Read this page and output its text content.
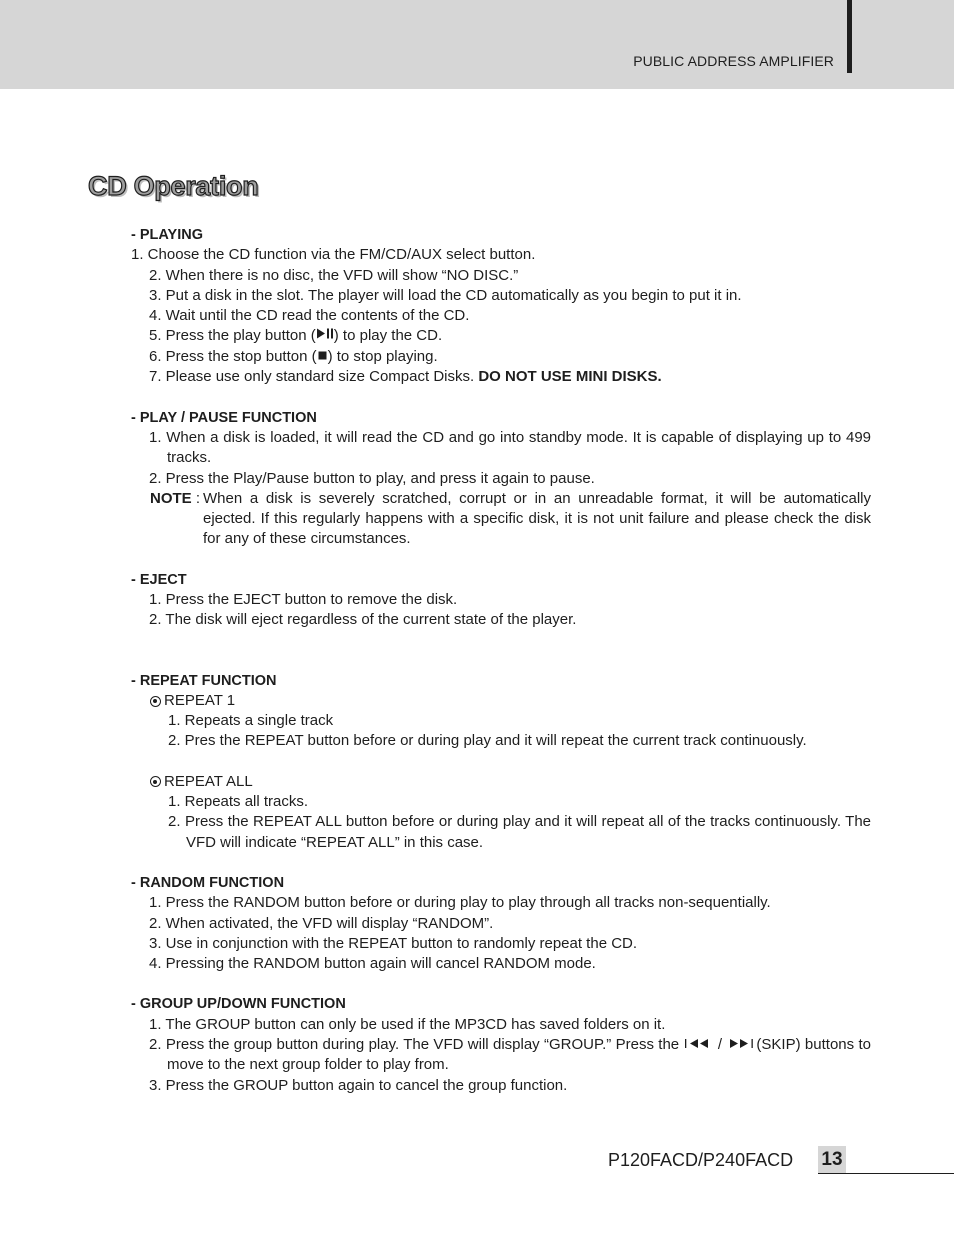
PUBLIC ADDRESS AMPLIFIER
CD Operation
- PLAYING
1. Choose the CD function via the FM/CD/AUX select button.
2. When there is no disc, the VFD will show “NO DISC.”
3. Put a disk in the slot. The player will load the CD automatically as you begin to put it in.
4. Wait until the CD read the contents of the CD.
5. Press the play button ( ) to play the CD.
6. Press the stop button ( ) to stop playing.
7. Please use only standard size Compact Disks. DO NOT USE MINI DISKS.
- PLAY / PAUSE FUNCTION
1. When a disk is loaded, it will read the CD and go into standby mode. It is capable of displaying up to 499 tracks.
2. Press the Play/Pause button to play, and press it again to pause.
NOTE : When a disk is severely scratched, corrupt or in an unreadable format, it will be automatically ejected. If this regularly happens with a specific disk, it is not unit failure and please check the disk for any of these circumstances.
- EJECT
1. Press the EJECT button to remove the disk.
2. The disk will eject regardless of the current state of the player.
- REPEAT FUNCTION
REPEAT 1
1. Repeats a single track
2. Pres the REPEAT button before or during play and it will repeat the current track continuously.
REPEAT ALL
1. Repeats all tracks.
2. Press the REPEAT ALL button before or during play and it will repeat all of the tracks continuously. The VFD will indicate “REPEAT ALL” in this case.
- RANDOM FUNCTION
1. Press the RANDOM button before or during play to play through all tracks non-sequentially.
2. When activated, the VFD will display “RANDOM”.
3. Use in conjunction with the REPEAT button to randomly repeat the CD.
4. Pressing the RANDOM button again will cancel RANDOM mode.
- GROUP UP/DOWN FUNCTION
1. The GROUP button can only be used if the MP3CD has saved folders on it.
2. Press the group button during play. The VFD will display “GROUP.” Press the	/ (SKIP) buttons to move to the next group folder to play from.
3. Press the GROUP button again to cancel the group function.
P120FACD/P240FACD 13
